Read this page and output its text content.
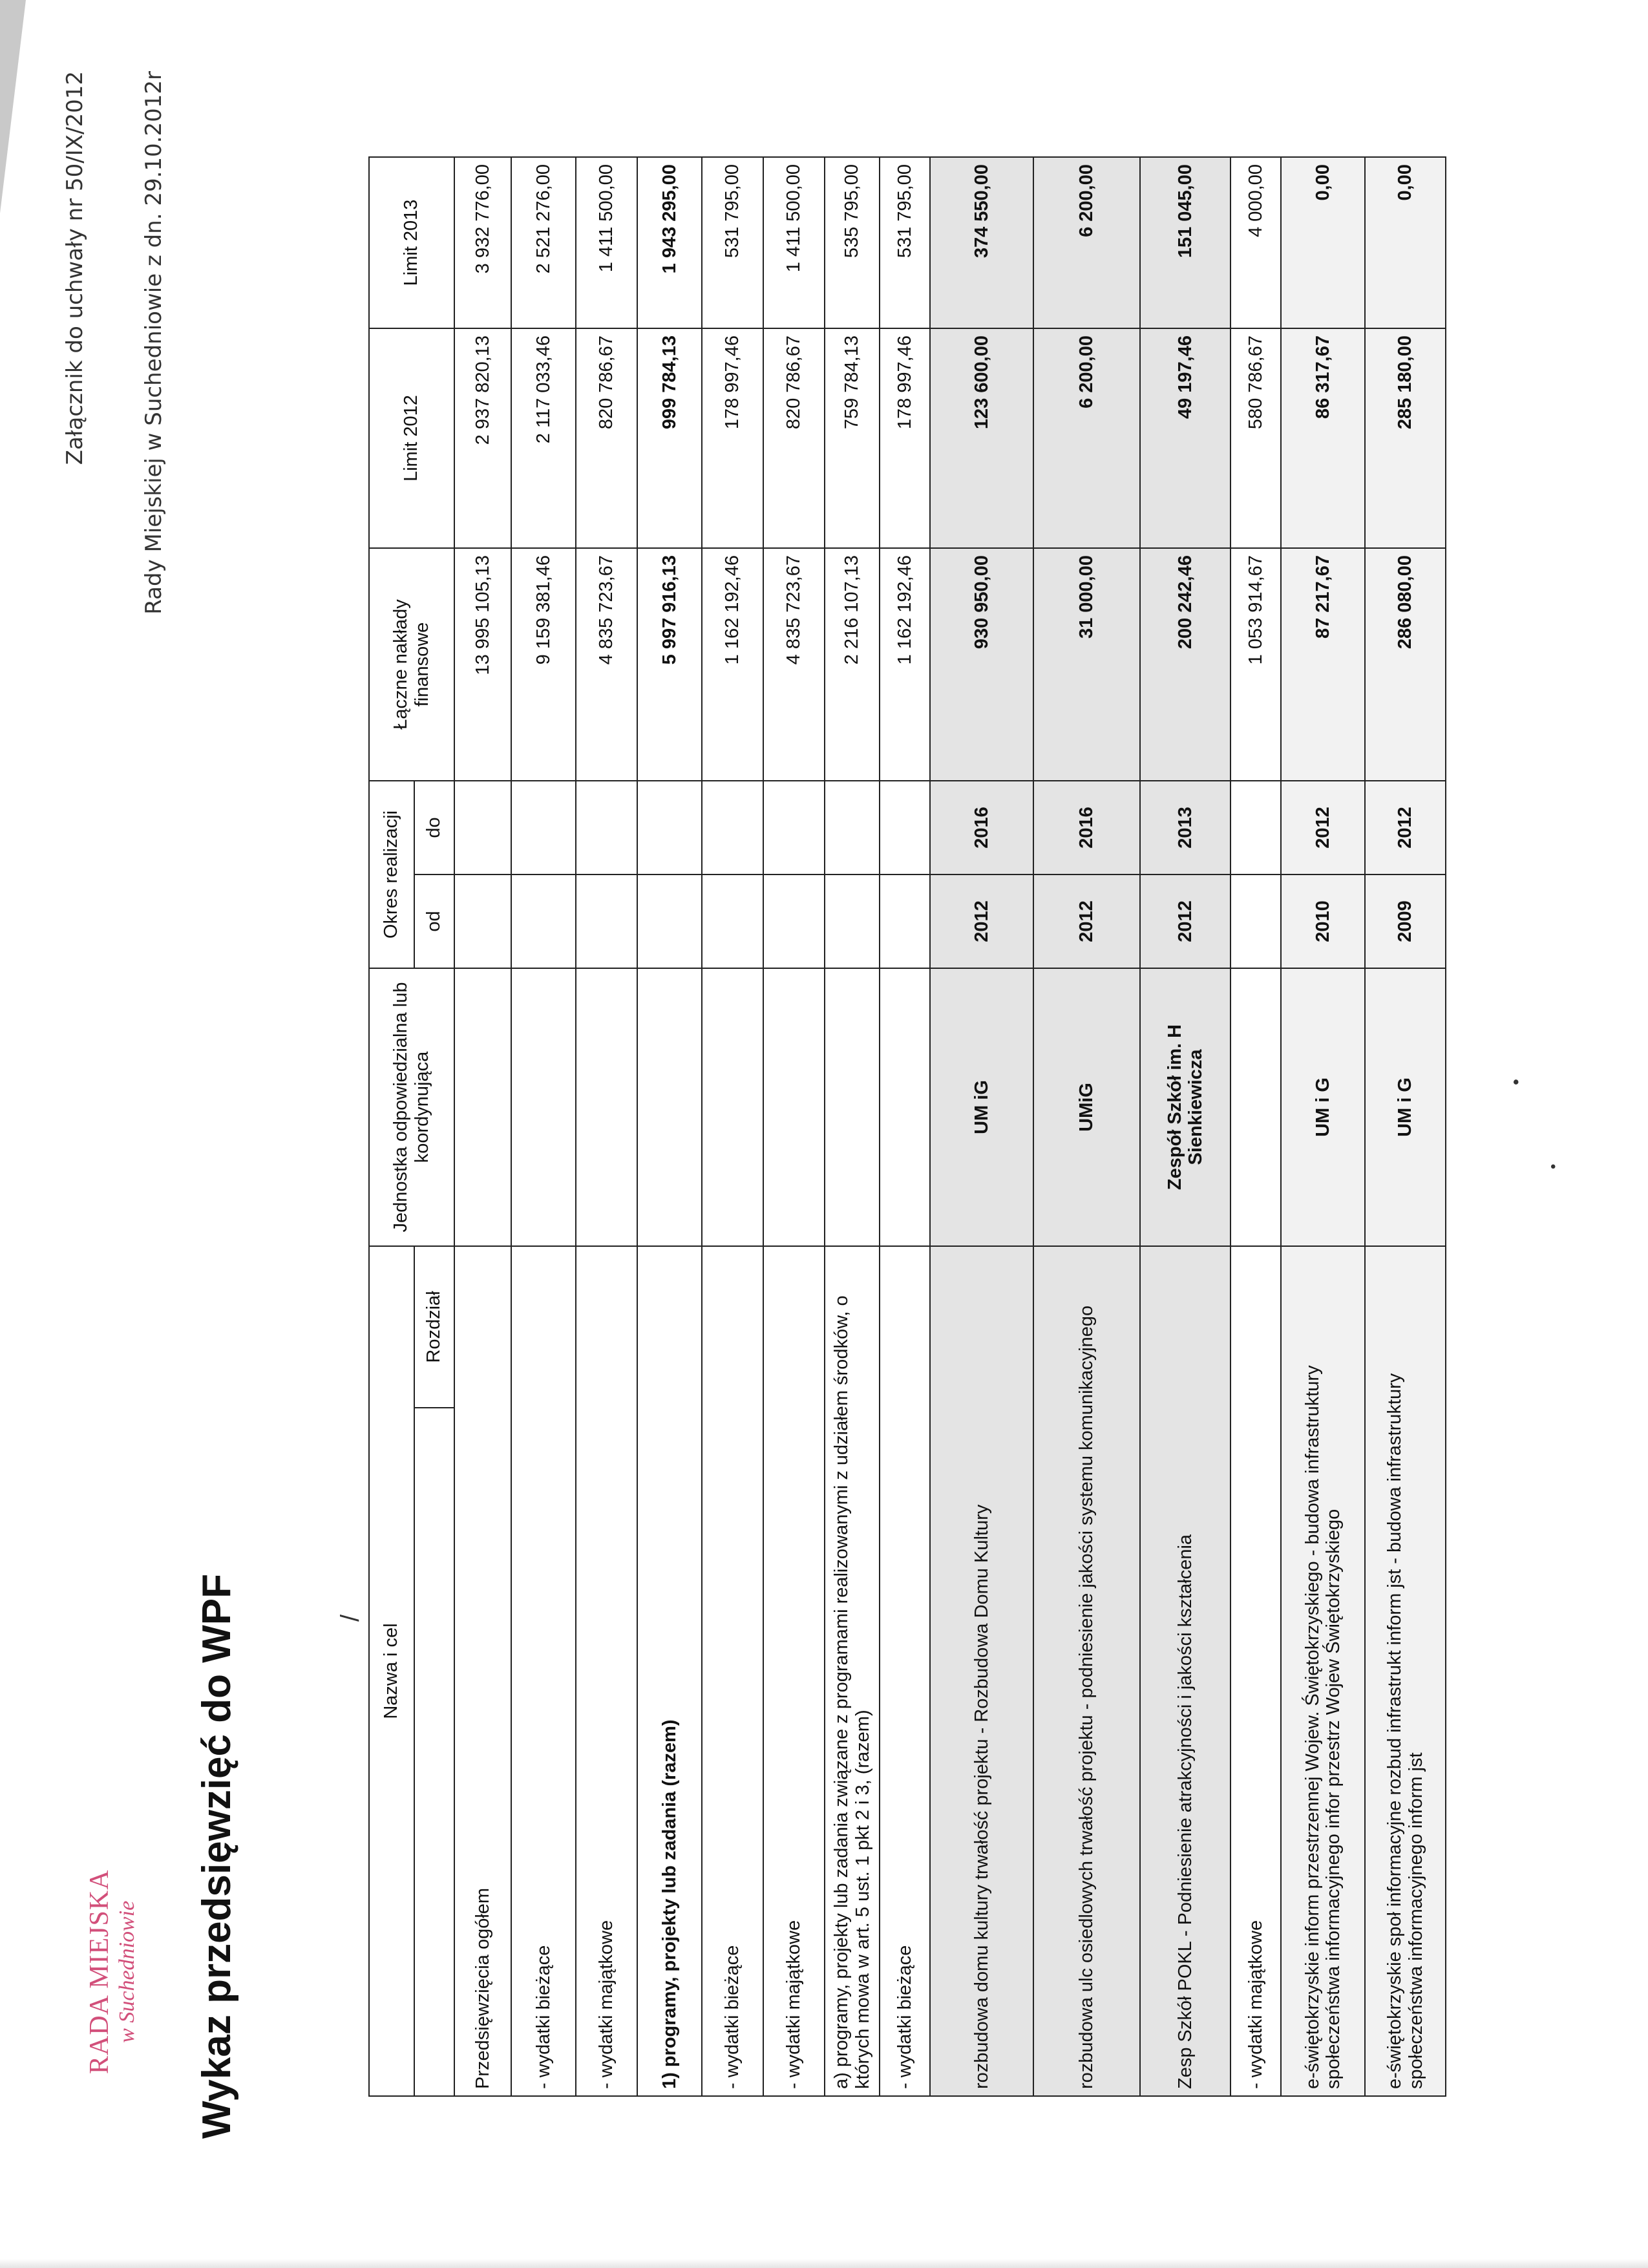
Załącznik do uchwały nr 50/IX/2012 Rady Miejskiej w Suchedniowie z dn. 29.10.2012r
RADA MIEJSKA w Suchedniowie Wykaz przedsięwzięć do WPF	/
•
•
Nazwa i cel		Jednostka odpowiedzialna lub koordynująca	Okres realizacji		Łączne nakłady finansowe	Limit 2012	Limit 2013
	Rozdział		od	do			
Przedsięwzięcia ogółem					13 995 105,13	2 937 820,13	3 932 776,00
- wydatki bieżące					9 159 381,46	2 117 033,46	2 521 276,00
- wydatki majątkowe					4 835 723,67	820 786,67	1 411 500,00
1) programy, projekty lub zadania (razem)					5 997 916,13	999 784,13	1 943 295,00
- wydatki bieżące					1 162 192,46	178 997,46	531 795,00
- wydatki majątkowe					4 835 723,67	820 786,67	1 411 500,00
a) programy, projekty lub zadania związane z programami realizowanymi z udziałem środków, o których mowa w art. 5 ust. 1 pkt 2 i 3, (razem)					2 216 107,13	759 784,13	535 795,00
- wydatki bieżące					1 162 192,46	178 997,46	531 795,00
rozbudowa domu kultury trwałość projektu - Rozbudowa Domu Kultury		UM iG	2012	2016	930 950,00	123 600,00	374 550,00
rozbudowa ulc osiedlowych trwałość projektu - podniesienie jakości systemu komunikacyjnego		UMiG	2012	2016	31 000,00	6 200,00	6 200,00
Zesp Szkół POKL - Podniesienie atrakcyjności i jakości kształcenia		Zespół Szkół im. H Sienkiewicza	2012	2013	200 242,46	49 197,46	151 045,00
- wydatki majątkowe					1 053 914,67	580 786,67	4 000,00
e-świętokrzyskie inform przestrzennej Wojew. Świętokrzyskiego - budowa infrastruktury społeczeństwa informacyjnego infor przestrz Wojew Świętokrzyskiego		UM i G	2010	2012	87 217,67	86 317,67	0,00
e-świętokrzyskie społ informacyjne rozbud infrastrukt inform jst - budowa infrastruktury społeczeństwa informacyjnego inform jst		UM i G	2009	2012	286 080,00	285 180,00	0,00
